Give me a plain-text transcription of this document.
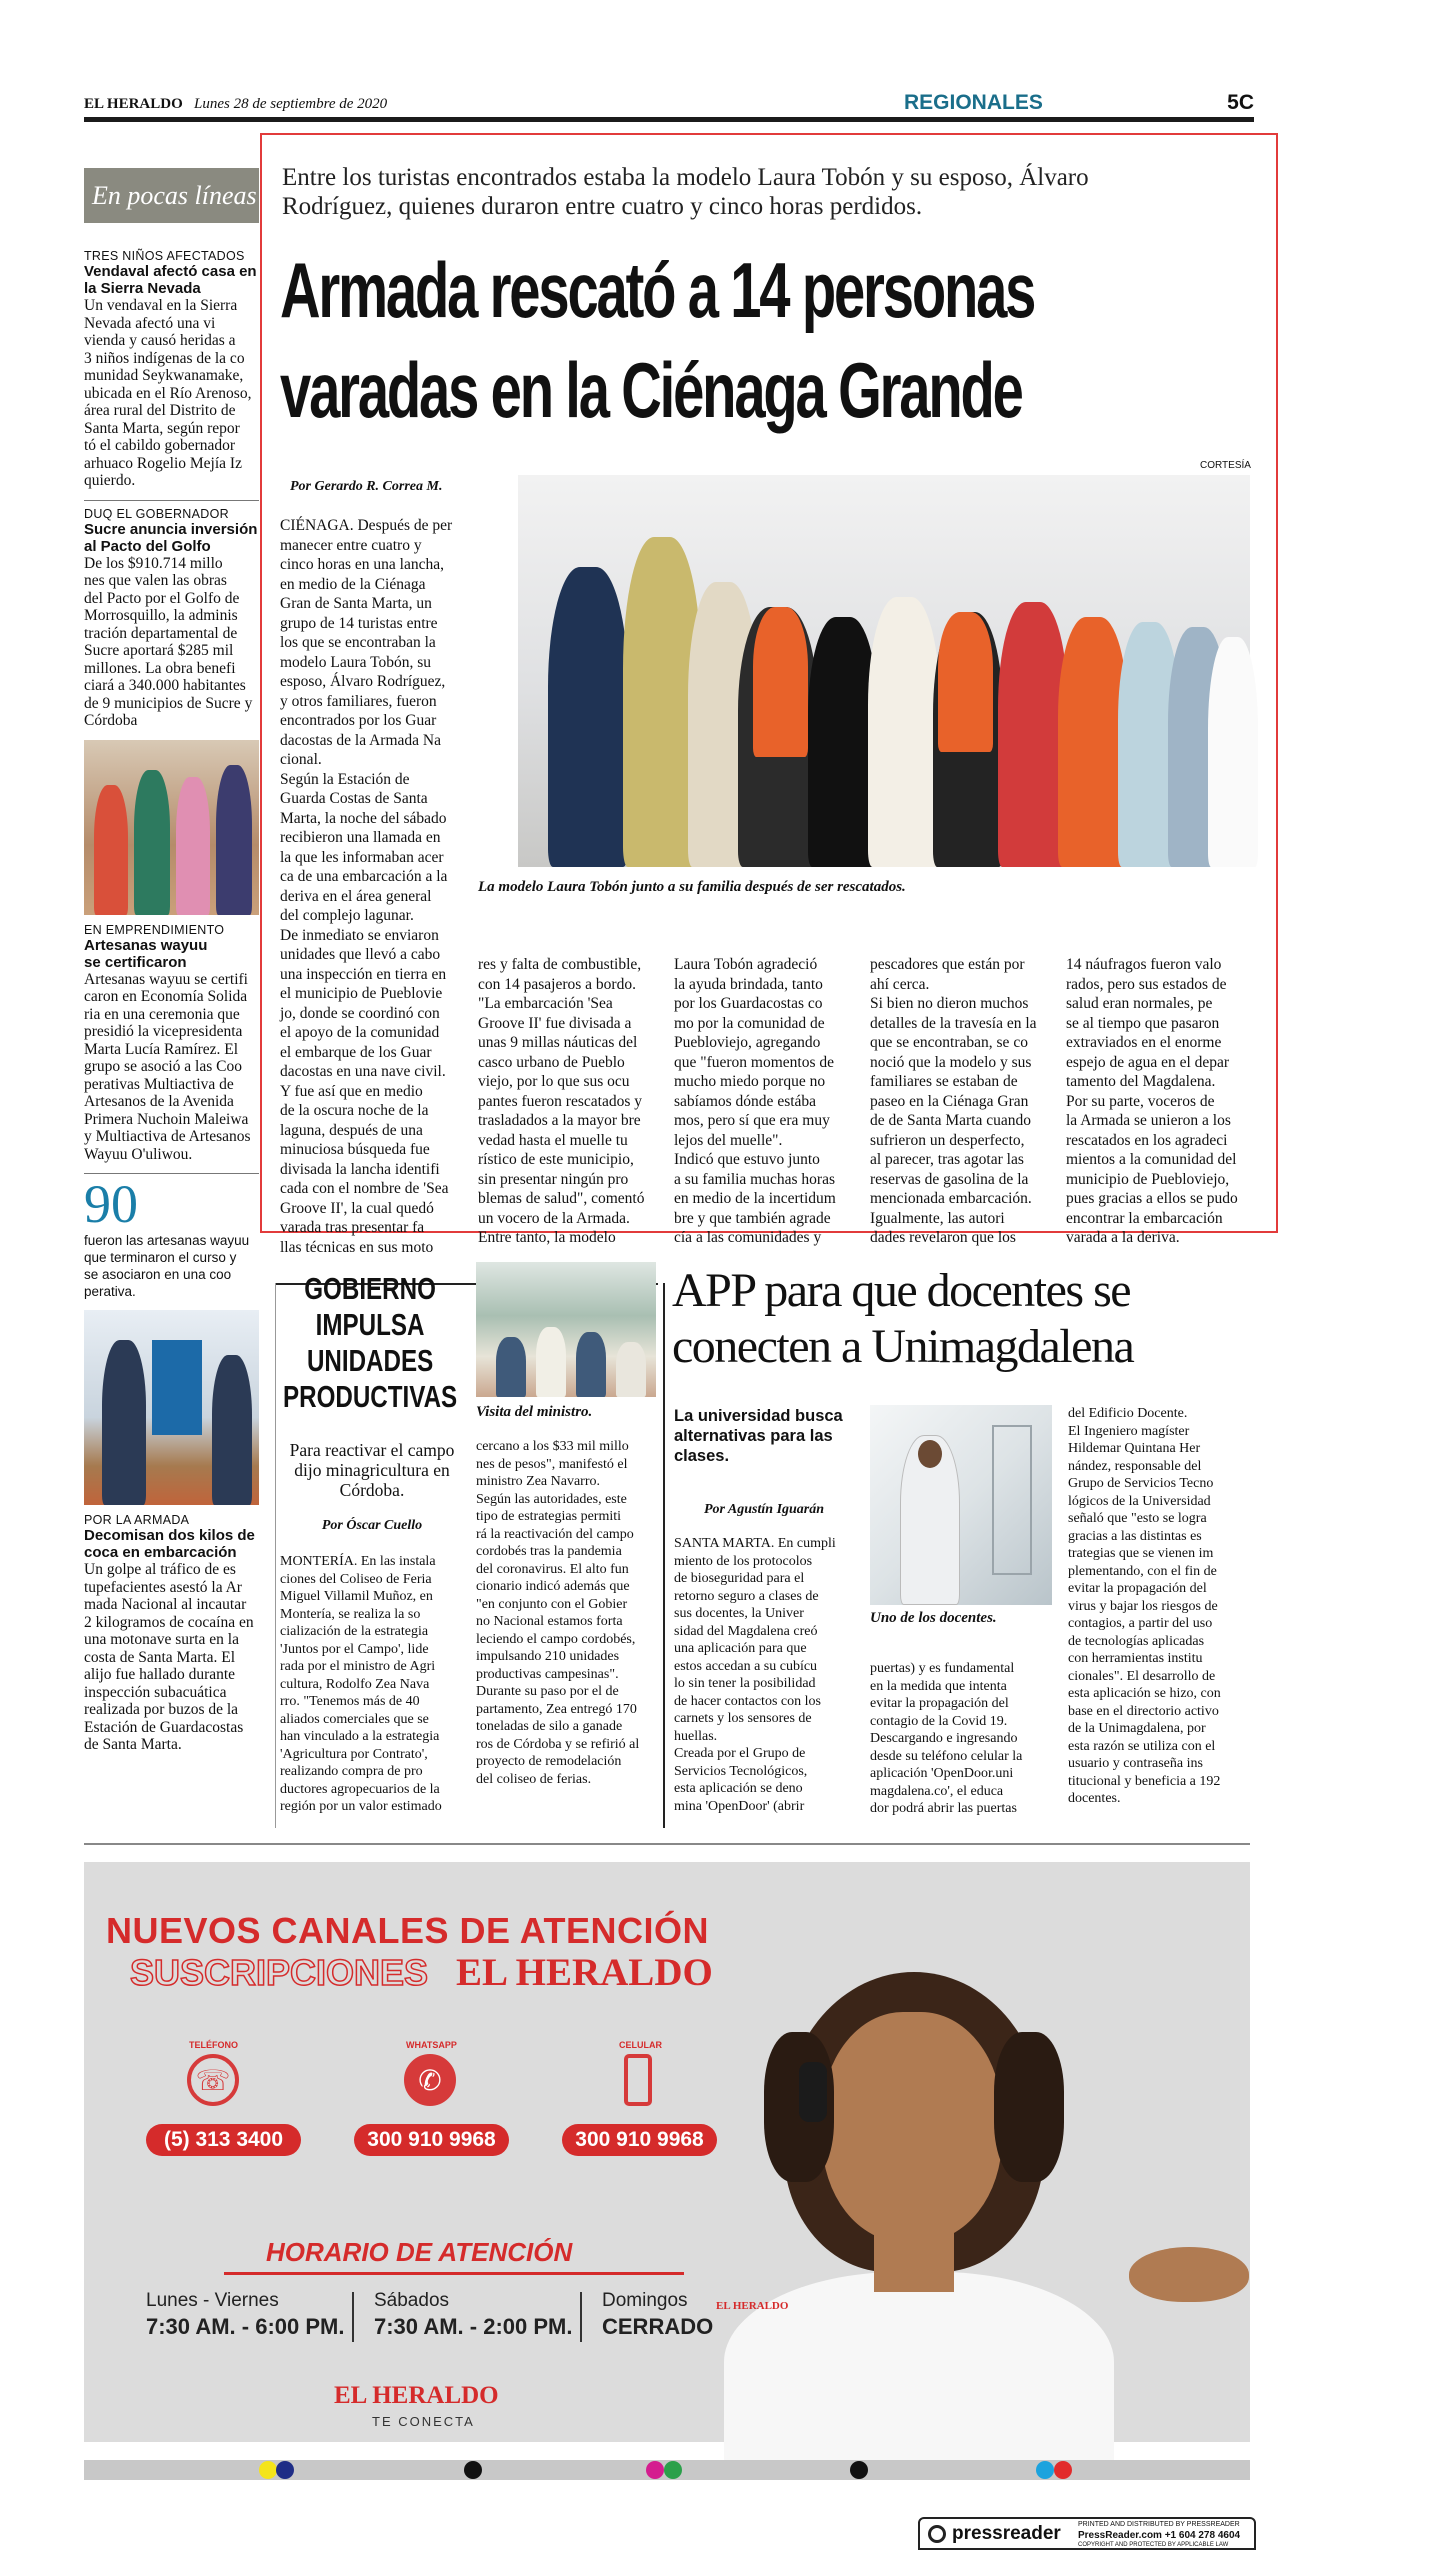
EL HERALDO Lunes 28 de septiembre de 2020	REGIONALES	5C
En pocas líneas
TRES NIÑOS AFECTADOS
Vendaval afectó casa en
la Sierra Nevada
Un vendaval en la Sierra
Nevada afectó una vi
vienda y causó heridas a
3 niños indígenas de la co
munidad Seykwanamake,
ubicada en el Río Arenoso,
área rural del Distrito de
Santa Marta, según repor
tó el cabildo gobernador
arhuaco Rogelio Mejía Iz
quierdo.
DUQ EL GOBERNADOR
Sucre anuncia inversión
al Pacto del Golfo
De los $910.714 millo
nes que valen las obras
del Pacto por el Golfo de
Morrosquillo, la adminis
tración departamental de
Sucre aportará $285 mil
millones. La obra benefi
ciará a 340.000 habitantes
de 9 municipios de Sucre y
Córdoba
EN EMPRENDIMIENTO
Artesanas wayuu
se certificaron
Artesanas wayuu se certifi
caron en Economía Solida
ria en una ceremonia que
presidió la vicepresidenta
Marta Lucía Ramírez. El
grupo se asoció a las Coo
perativas Multiactiva de
Artesanos de la Avenida
Primera Nuchoin Maleiwa
y Multiactiva de Artesanos
Wayuu O'uliwou.
90
fueron las artesanas wayuu
que terminaron el curso y
se asociaron en una coo
perativa.
POR LA ARMADA
Decomisan dos kilos de
coca en embarcación
Un golpe al tráfico de es
tupefacientes asestó la Ar
mada Nacional al incautar
2 kilogramos de cocaína en
una motonave surta en la
costa de Santa Marta. El
alijo fue hallado durante
inspección subacuática
realizada por buzos de la
Estación de Guardacostas
de Santa Marta.
Entre los turistas encontrados estaba la modelo Laura Tobón y su esposo, Álvaro
Rodríguez, quienes duraron entre cuatro y cinco horas perdidos.
Armada rescató a 14 personas
varadas en la Ciénaga Grande
Por Gerardo R. Correa M.
CORTESÍA
La modelo Laura Tobón junto a su familia después de ser rescatados.
CIÉNAGA. Después de per
manecer entre cuatro y
cinco horas en una lancha,
en medio de la Ciénaga
Gran de Santa Marta, un
grupo de 14 turistas entre
los que se encontraban la
modelo Laura Tobón, su
esposo, Álvaro Rodríguez,
y otros familiares, fueron
encontrados por los Guar
dacostas de la Armada Na
cional.
Según la Estación de
Guarda Costas de Santa
Marta, la noche del sábado
recibieron una llamada en
la que les informaban acer
ca de una embarcación a la
deriva en el área general
del complejo lagunar.
De inmediato se enviaron
unidades que llevó a cabo
una inspección en tierra en
el municipio de Puebloviе
jo, donde se coordinó con
el apoyo de la comunidad
el embarque de los Guar
dacostas en una nave civil.
Y fue así que en medio
de la oscura noche de la
laguna, después de una
minuciosa búsqueda fue
divisada la lancha identifi
cada con el nombre de 'Sea
Groove II', la cual quedó
varada tras presentar fa
llas técnicas en sus moto
res y falta de combustible,
con 14 pasajeros a bordo.
"La embarcación 'Sea
Groove II' fue divisada a
unas 9 millas náuticas del
casco urbano de Pueblo
viejo, por lo que sus ocu
pantes fueron rescatados y
trasladados a la mayor bre
vedad hasta el muelle tu
rístico de este municipio,
sin presentar ningún pro
blemas de salud", comentó
un vocero de la Armada.
Entre tanto, la modelo
Laura Tobón agradeció
la ayuda brindada, tanto
por los Guardacostas co
mo por la comunidad de
Puebloviejo, agregando
que "fueron momentos de
mucho miedo porque no
sabíamos dónde estába
mos, pero sí que era muy
lejos del muelle".
Indicó que estuvo junto
a su familia muchas horas
en medio de la incertidum
bre y que también agrade
cía a las comunidades y
pescadores que están por
ahí cerca.
Si bien no dieron muchos
detalles de la travesía en la
que se encontraban, se co
noció que la modelo y sus
familiares se estaban de
paseo en la Ciénaga Gran
de de Santa Marta cuando
sufrieron un desperfecto,
al parecer, tras agotar las
reservas de gasolina de la
mencionada embarcación.
Igualmente, las autori
dades revelaron que los
14 náufragos fueron valo
rados, pero sus estados de
salud eran normales, pe
se al tiempo que pasaron
extraviados en el enorme
espejo de agua en el depar
tamento del Magdalena.
Por su parte, voceros de
la Armada se unieron a los
rescatados en los agradeci
mientos a la comunidad del
municipio de Puebloviejo,
pues gracias a ellos se pudo
encontrar la embarcación
varada a la deriva.
GOBIERNO
IMPULSA
UNIDADES
PRODUCTIVAS Visita del ministro.
Para reactivar el campo
dijo minagricultura en
Córdoba.
Por Óscar Cuello
MONTERÍA. En las instala
ciones del Coliseo de Feria
Miguel Villamil Muñoz, en
Montería, se realiza la so
cialización de la estrategia
'Juntos por el Campo', lide
rada por el ministro de Agri
cultura, Rodolfo Zea Nava
rro. "Tenemos más de 40
aliados comerciales que se
han vinculado a la estrategia
'Agricultura por Contrato',
realizando compra de pro
ductores agropecuarios de la
región por un valor estimado
cercano a los $33 mil millo
nes de pesos", manifestó el
ministro Zea Navarro.
Según las autoridades, este
tipo de estrategias permiti
rá la reactivación del campo
cordobés tras la pandemia
del coronavirus. El alto fun
cionario indicó además que
"en conjunto con el Gobier
no Nacional estamos forta
leciendo el campo cordobés,
impulsando 210 unidades
productivas campesinas".
Durante su paso por el de
partamento, Zea entregó 170
toneladas de silo a ganade
ros de Córdoba y se refirió al
proyecto de remodelación
del coliseo de ferias.
APP para que docentes se
conecten a Unimagdalena
La universidad busca
alternativas para las
clases.
Por Agustín Iguarán
Uno de los docentes.
SANTA MARTA. En cumpli
miento de los protocolos
de bioseguridad para el
retorno seguro a clases de
sus docentes, la Univer
sidad del Magdalena creó
una aplicación para que
estos accedan a su cubícu
lo sin tener la posibilidad
de hacer contactos con los
carnets y los sensores de
huellas.
Creada por el Grupo de
Servicios Tecnológicos,
esta aplicación se deno
mina 'OpenDoor' (abrir
puertas) y es fundamental
en la medida que intenta
evitar la propagación del
contagio de la Covid 19.
Descargando e ingresando
desde su teléfono celular la
aplicación 'OpenDoor.uni
magdalena.co', el educa
dor podrá abrir las puertas
del Edificio Docente.
El Ingeniero magíster
Hildemar Quintana Her
nández, responsable del
Grupo de Servicios Tecno
lógicos de la Universidad
señaló que "esto se logra
gracias a las distintas es
trategias que se vienen im
plementando, con el fin de
evitar la propagación del
virus y bajar los riesgos de
contagios, a partir del uso
de tecnologías aplicadas
con herramientas institu
cionales". El desarrollo de
esta aplicación se hizo, con
base en el directorio activo
de la Unimagdalena, por
esta razón se utiliza con el
usuario y contraseña ins
titucional y beneficia a 192
docentes.
NUEVOS CANALES DE ATENCIÓN
SUSCRIPCIONES EL HERALDO
TELÉFONO
☏
(5) 313 3400
WHATSAPP
✆
300 910 9968
CELULAR
300 910 9968
HORARIO DE ATENCIÓN
Lunes - Viernes
7:30 AM. - 6:00 PM.
Sábados
7:30 AM. - 2:00 PM.
Domingos
CERRADO
EL HERALDO
TE CONECTA
EL HERALDO
pressreader PRINTED AND DISTRIBUTED BY PRESSREADER
PressReader.com +1 604 278 4604
COPYRIGHT AND PROTECTED BY APPLICABLE LAW
